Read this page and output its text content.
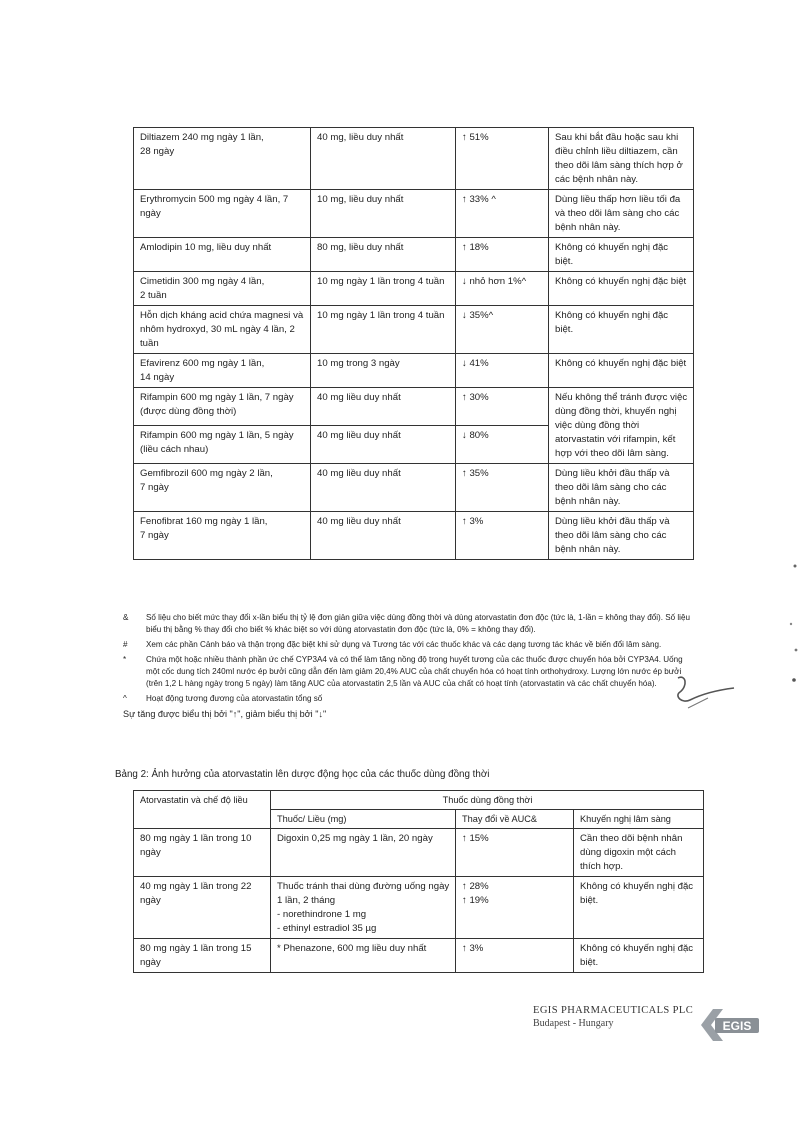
Diltiazem 240 mg ngày 1 lần,
28 ngày	40 mg, liều duy nhất	↑ 51%	Sau khi bắt đầu hoặc sau khi điều chỉnh liều diltiazem, cần theo dõi lâm sàng thích hợp ở các bệnh nhân này.
Erythromycin 500 mg ngày 4 lần, 7 ngày	10 mg, liều duy nhất	↑ 33% ^	Dùng liều thấp hơn liều tối đa và theo dõi lâm sàng cho các bệnh nhân này.
Amlodipin 10 mg, liều duy nhất	80 mg, liều duy nhất	↑ 18%	Không có khuyến nghị đặc biệt.
Cimetidin 300 mg ngày 4 lần,
2 tuần	10 mg ngày 1 lần trong 4 tuần	↓ nhỏ hơn 1%^	Không có khuyến nghị đặc biệt
Hỗn dịch kháng acid chứa magnesi và nhôm hydroxyd, 30 mL ngày 4 lần, 2 tuần	10 mg ngày 1 lần trong 4 tuần	↓ 35%^	Không có khuyến nghị đặc biệt.
Efavirenz 600 mg ngày 1 lần,
14 ngày	10 mg trong 3 ngày	↓ 41%	Không có khuyến nghị đặc biệt
Rifampin 600 mg ngày 1 lần, 7 ngày (được dùng đồng thời)	40 mg liều duy nhất	↑ 30%	Nếu không thể tránh được việc dùng đồng thời, khuyến nghị việc dùng đồng thời atorvastatin với rifampin, kết hợp với theo dõi lâm sàng.
Rifampin 600 mg ngày 1 lần, 5 ngày (liều cách nhau)	40 mg liều duy nhất	↓ 80%	
Gemfibrozil 600 mg ngày 2 lần,
7 ngày	40 mg liều duy nhất	↑ 35%	Dùng liều khởi đầu thấp và theo dõi lâm sàng cho các bệnh nhân này.
Fenofibrat 160 mg ngày 1 lần,
7 ngày	40 mg liều duy nhất	↑ 3%	Dùng liều khởi đầu thấp và theo dõi lâm sàng cho các bệnh nhân này.
&	Số liệu cho biết mức thay đổi x-lần biểu thị tỷ lệ đơn giản giữa việc dùng đồng thời và dùng atorvastatin đơn độc (tức là, 1-lần = không thay đổi). Số liệu biểu thị bằng % thay đổi cho biết % khác biệt so với dùng atorvastatin đơn độc (tức là, 0% = không thay đổi).
#	Xem các phần Cảnh báo và thận trọng đặc biệt khi sử dụng và Tương tác với các thuốc khác và các dạng tương tác khác về biến đổi lâm sàng.
*	Chứa một hoặc nhiều thành phần ức chế CYP3A4 và có thể làm tăng nồng độ trong huyết tương của các thuốc được chuyển hóa bởi CYP3A4. Uống một cốc dung tích 240ml nước ép bưởi cũng dẫn đến làm giảm 20,4% AUC của chất chuyển hóa có hoạt tính orthohydroxy. Lượng lớn nước ép bưởi (trên 1,2 L hàng ngày trong 5 ngày) làm tăng AUC của atorvastatin 2,5 lần và AUC của chất có hoạt tính (atorvastatin và các chất chuyển hóa).
^	Hoạt động tương đương của atorvastatin tổng số
Sự tăng được biểu thị bởi "↑", giảm biểu thị bởi "↓"
Bảng 2: Ảnh hưởng của atorvastatin lên dược động học của các thuốc dùng đồng thời
Atorvastatin và chế độ liều	Thuốc dùng đồng thời		
	Thuốc/ Liều (mg)	Thay đổi về AUC&	Khuyến nghị lâm sàng
80 mg ngày 1 lần trong 10 ngày	Digoxin 0,25 mg ngày 1 lần, 20 ngày	↑ 15%	Cần theo dõi bệnh nhân dùng digoxin một cách thích hợp.
40 mg ngày 1 lần trong 22 ngày	Thuốc tránh thai dùng đường uống ngày 1 lần, 2 tháng
- norethindrone 1 mg
- ethinyl estradiol 35 µg	↑ 28%
↑ 19%	Không có khuyến nghị đặc biệt.
80 mg ngày 1 lần trong 15 ngày	* Phenazone, 600 mg liều duy nhất	↑ 3%	Không có khuyến nghị đặc biệt.
EGIS PHARMACEUTICALS PLC
Budapest - Hungary	EGIS
